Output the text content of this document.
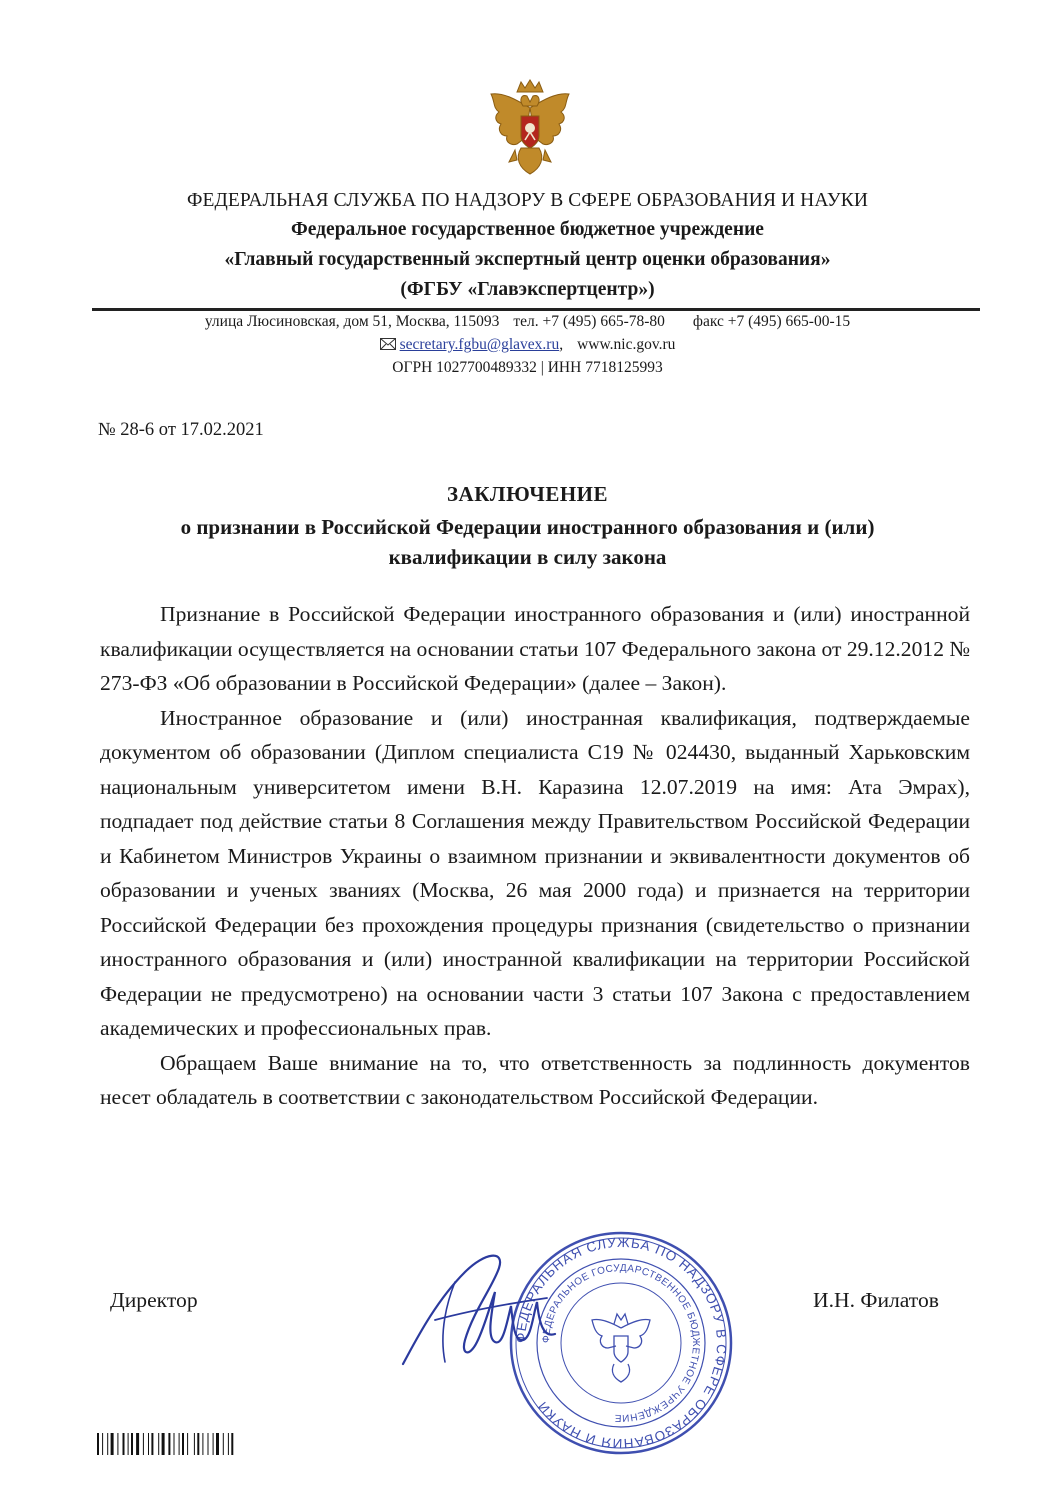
ФЕДЕРАЛЬНАЯ СЛУЖБА ПО НАДЗОРУ В СФЕРЕ ОБРАЗОВАНИЯ И НАУКИ
Федеральное государственное бюджетное учреждение
«Главный государственный экспертный центр оценки образования»
(ФГБУ «Главэкспертцентр»)
улица Люсиновская, дом 51, Москва, 115093 тел. +7 (495) 665-78-80 факс +7 (495) 665-00-15
secretary.fgbu@glavex.ru, www.nic.gov.ru
ОГРН 1027700489332 | ИНН 7718125993
№ 28-6 от 17.02.2021
ЗАКЛЮЧЕНИЕ
о признании в Российской Федерации иностранного образования и (или)
квалификации в силу закона

Признание в Российской Федерации иностранного образования и (или) иностранной квалификации осуществляется на основании статьи 107 Федерального закона от 29.12.2012 № 273-ФЗ «Об образовании в Российской Федерации» (далее – Закон).

Иностранное образование и (или) иностранная квалификация, подтверждаемые документом об образовании (Диплом специалиста С19 № 024430, выданный Харьковским национальным университетом имени В.Н. Каразина 12.07.2019 на имя: Ата Эмрах), подпадает под действие статьи 8 Соглашения между Правительством Российской Федерации и Кабинетом Министров Украины о взаимном признании и эквивалентности документов об образовании и ученых званиях (Москва, 26 мая 2000 года) и признается на территории Российской Федерации без прохождения процедуры признания (свидетельство о признании иностранного образования и (или) иностранной квалификации на территории Российской Федерации не предусмотрено) на основании части 3 статьи 107 Закона с предоставлением академических и профессиональных прав.

Обращаем Ваше внимание на то, что ответственность за подлинность документов несет обладатель в соответствии с законодательством Российской Федерации.

ФЕДЕРАЛЬНАЯ СЛУЖБА ПО НАДЗОРУ В СФЕРЕ ОБРАЗОВАНИЯ И НАУКИ
ФЕДЕРАЛЬНОЕ ГОСУДАРСТВЕННОЕ БЮДЖЕТНОЕ УЧРЕЖДЕНИЕ
Директор	И.Н. Филатов
